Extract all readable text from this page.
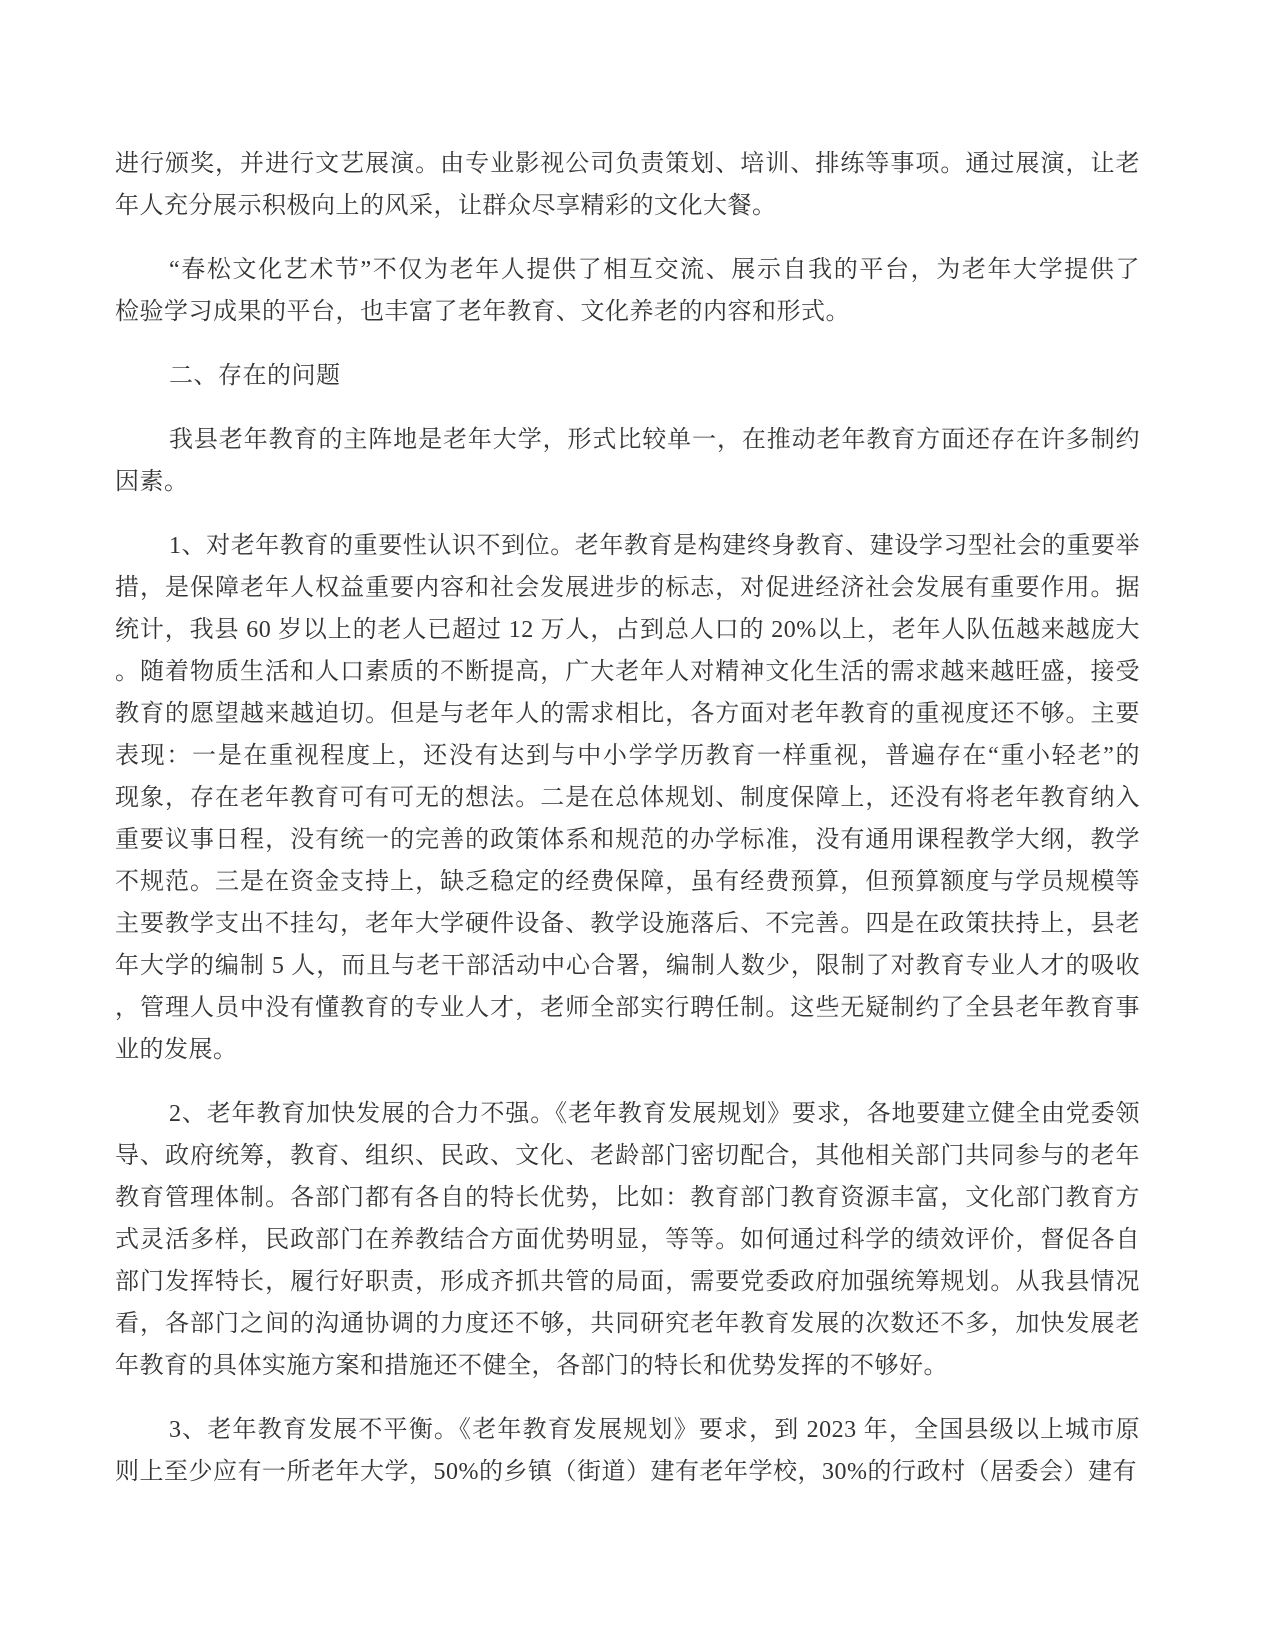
进行颁奖，并进行文艺展演。由专业影视公司负责策划、培训、排练等事项。通过展演，让老
年人充分展示积极向上的风采，让群众尽享精彩的文化大餐。
“春松文化艺术节”不仅为老年人提供了相互交流、展示自我的平台，为老年大学提供了
检验学习成果的平台，也丰富了老年教育、文化养老的内容和形式。
二、存在的问题
我县老年教育的主阵地是老年大学，形式比较单一，在推动老年教育方面还存在许多制约
因素。
1、对老年教育的重要性认识不到位。老年教育是构建终身教育、建设学习型社会的重要举
措，是保障老年人权益重要内容和社会发展进步的标志，对促进经济社会发展有重要作用。据
统计，我县 60 岁以上的老人已超过 12 万人，占到总人口的 20%以上，老年人队伍越来越庞大
。随着物质生活和人口素质的不断提高，广大老年人对精神文化生活的需求越来越旺盛，接受
教育的愿望越来越迫切。但是与老年人的需求相比，各方面对老年教育的重视度还不够。主要
表现：一是在重视程度上，还没有达到与中小学学历教育一样重视，普遍存在“重小轻老”的
现象，存在老年教育可有可无的想法。二是在总体规划、制度保障上，还没有将老年教育纳入
重要议事日程，没有统一的完善的政策体系和规范的办学标准，没有通用课程教学大纲，教学
不规范。三是在资金支持上，缺乏稳定的经费保障，虽有经费预算，但预算额度与学员规模等
主要教学支出不挂勾，老年大学硬件设备、教学设施落后、不完善。四是在政策扶持上，县老
年大学的编制 5 人，而且与老干部活动中心合署，编制人数少，限制了对教育专业人才的吸收
，管理人员中没有懂教育的专业人才，老师全部实行聘任制。这些无疑制约了全县老年教育事
业的发展。
2、老年教育加快发展的合力不强。《老年教育发展规划》要求，各地要建立健全由党委领
导、政府统筹，教育、组织、民政、文化、老龄部门密切配合，其他相关部门共同参与的老年
教育管理体制。各部门都有各自的特长优势，比如：教育部门教育资源丰富，文化部门教育方
式灵活多样，民政部门在养教结合方面优势明显，等等。如何通过科学的绩效评价，督促各自
部门发挥特长，履行好职责，形成齐抓共管的局面，需要党委政府加强统筹规划。从我县情况
看，各部门之间的沟通协调的力度还不够，共同研究老年教育发展的次数还不多，加快发展老
年教育的具体实施方案和措施还不健全，各部门的特长和优势发挥的不够好。
3、老年教育发展不平衡。《老年教育发展规划》要求，到 2023 年，全国县级以上城市原
则上至少应有一所老年大学，50%的乡镇（街道）建有老年学校，30%的行政村（居委会）建有
